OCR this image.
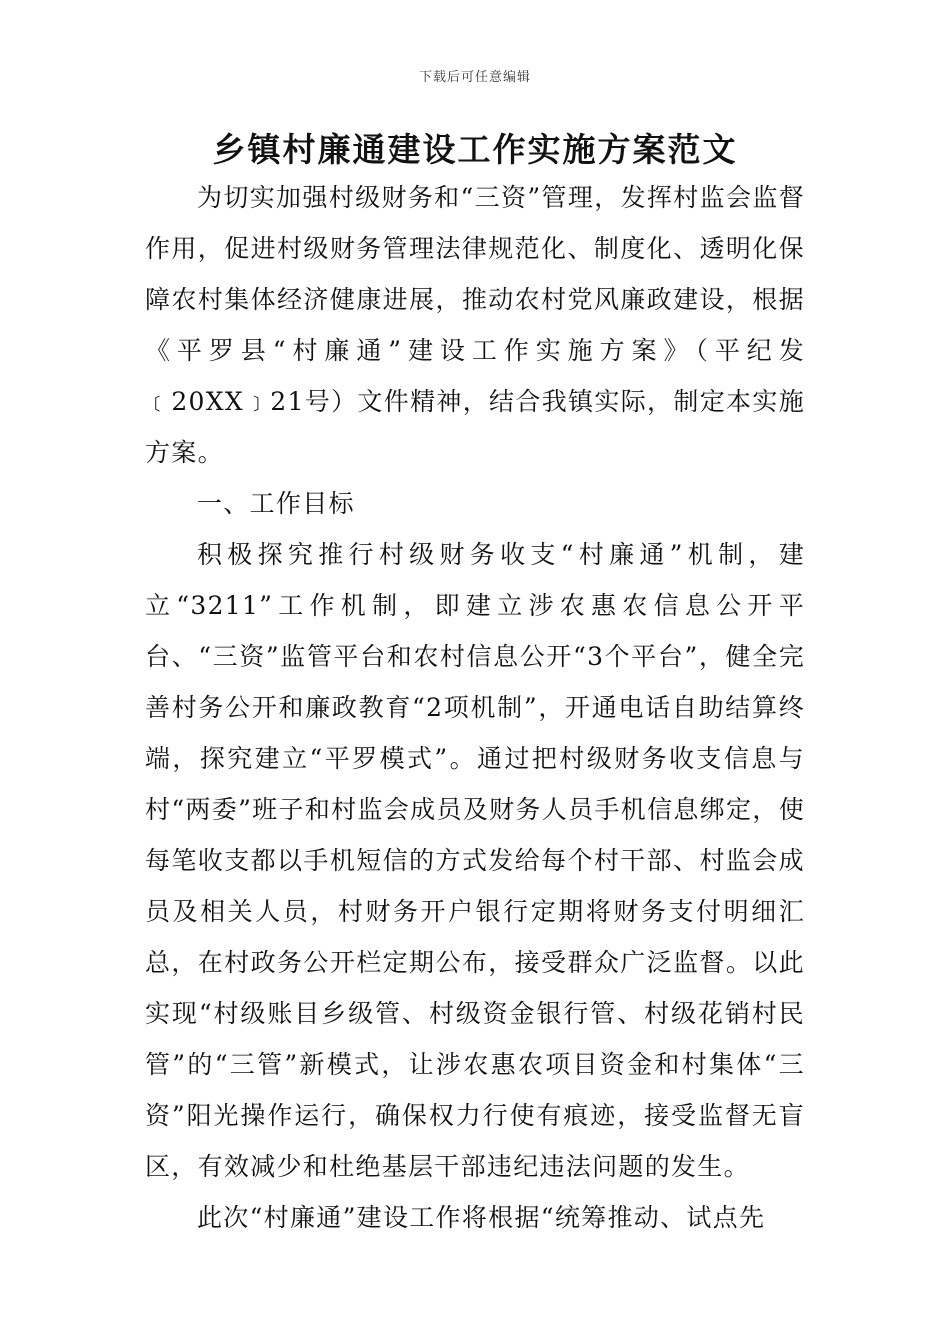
下载后可任意编辑
乡镇村廉通建设工作实施方案范文

为切实加强村级财务和“三资”管理，发挥村监会监督作用，促进村级财务管理法律规范化、制度化、透明化保障农村集体经济健康进展，推动农村党风廉政建设，根据《平罗县“村廉通”建设工作实施方案》（平纪发﹝20XX﹞21号）文件精神，结合我镇实际，制定本实施方案。

一、工作目标

积极探究推行村级财务收支“村廉通”机制，建立“3211”工作机制，即建立涉农惠农信息公开平台、“三资”监管平台和农村信息公开“3个平台”，健全完善村务公开和廉政教育“2项机制”，开通电话自助结算终端，探究建立“平罗模式”。通过把村级财务收支信息与村“两委”班子和村监会成员及财务人员手机信息绑定，使每笔收支都以手机短信的方式发给每个村干部、村监会成员及相关人员，村财务开户银行定期将财务支付明细汇总，在村政务公开栏定期公布，接受群众广泛监督。以此实现“村级账目乡级管、村级资金银行管、村级花销村民管”的“三管”新模式，让涉农惠农项目资金和村集体“三资”阳光操作运行，确保权力行使有痕迹，接受监督无盲区，有效减少和杜绝基层干部违纪违法问题的发生。

此次“村廉通”建设工作将根据“统筹推动、试点先
